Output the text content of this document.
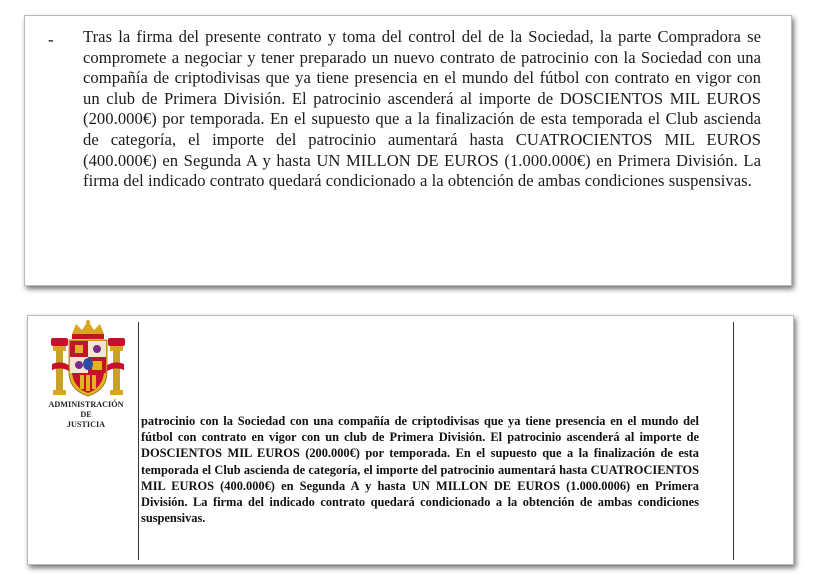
- Tras la firma del presente contrato y toma del control del de la Sociedad, la parte Compradora se compromete a negociar y tener preparado un nuevo contrato de patrocinio con la Sociedad con una compañía de criptodivisas que ya tiene presencia en el mundo del fútbol con contrato en vigor con un club de Primera División. El patrocinio ascenderá al importe de DOSCIENTOS MIL EUROS (200.000€) por temporada. En el supuesto que a la finalización de esta temporada el Club ascienda de categoría, el importe del patrocinio aumentará hasta CUATROCIENTOS MIL EUROS (400.000€) en Segunda A y hasta UN MILLON DE EUROS (1.000.000€) en Primera División. La firma del indicado contrato quedará condicionado a la obtención de ambas condiciones suspensivas.

ADMINISTRACIÓN
DE
JUSTICIA	patrocinio con la Sociedad con una compañía de criptodivisas que ya tiene presencia en el mundo del fútbol con contrato en vigor con un club de Primera División. El patrocinio ascenderá al importe de DOSCIENTOS MIL EUROS (200.000€) por temporada. En el supuesto que a la finalización de esta temporada el Club asciendа de categoría, el importe del patrocinio aumentará hasta CUATROCIENTOS MIL EUROS (400.000€) en Segunda A y hasta UN MILLON DE EUROS (1.000.0006) en Primera División. La firma del indicado contrato quedará condicionado a la obtención de ambas condiciones suspensivas.
